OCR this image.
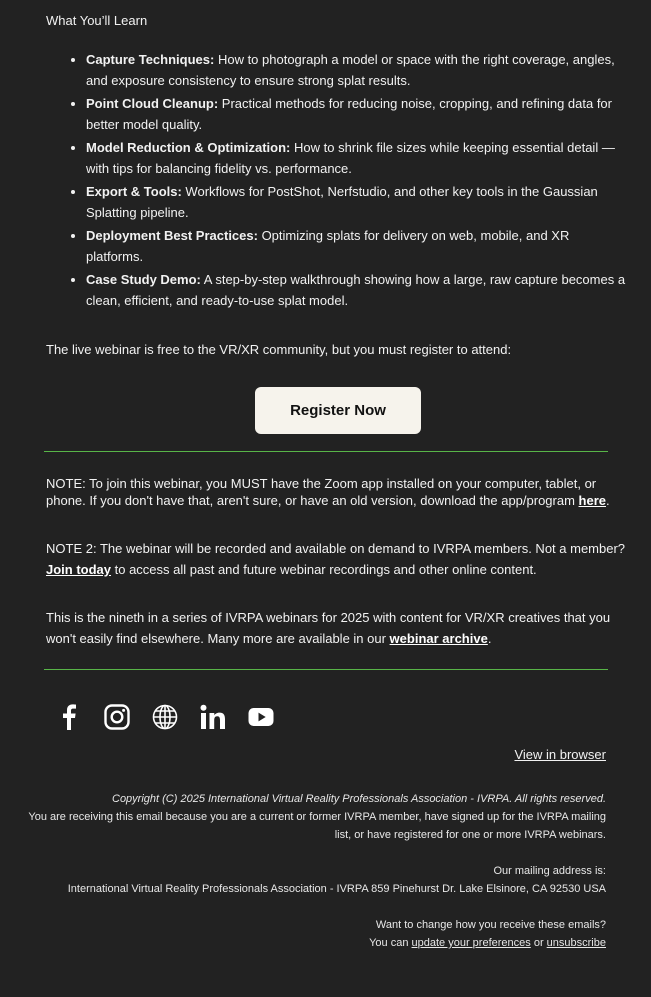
What You’ll Learn
• Capture Techniques: How to photograph a model or space with the right coverage, angles, and exposure consistency to ensure strong splat results.
• Point Cloud Cleanup: Practical methods for reducing noise, cropping, and refining data for better model quality.
• Model Reduction & Optimization: How to shrink file sizes while keeping essential detail — with tips for balancing fidelity vs. performance.
• Export & Tools: Workflows for PostShot, Nerfstudio, and other key tools in the Gaussian Splatting pipeline.
• Deployment Best Practices: Optimizing splats for delivery on web, mobile, and XR platforms.
• Case Study Demo: A step-by-step walkthrough showing how a large, raw capture becomes a clean, efficient, and ready-to-use splat model.
The live webinar is free to the VR/XR community, but you must register to attend:
Register Now
NOTE: To join this webinar, you MUST have the Zoom app installed on your computer, tablet, or phone. If you don't have that, aren't sure, or have an old version, download the app/program here.
NOTE 2: The webinar will be recorded and available on demand to IVRPA members. Not a member? Join today to access all past and future webinar recordings and other online content.
This is the nineth in a series of IVRPA webinars for 2025 with content for VR/XR creatives that you won't easily find elsewhere. Many more are available in our webinar archive.
View in browser
Copyright (C) 2025 International Virtual Reality Professionals Association - IVRPA. All rights reserved.
You are receiving this email because you are a current or former IVRPA member, have signed up for the IVRPA mailing
list, or have registered for one or more IVRPA webinars.
Our mailing address is:
International Virtual Reality Professionals Association - IVRPA 859 Pinehurst Dr. Lake Elsinore, CA 92530 USA
Want to change how you receive these emails?
You can update your preferences or unsubscribe
